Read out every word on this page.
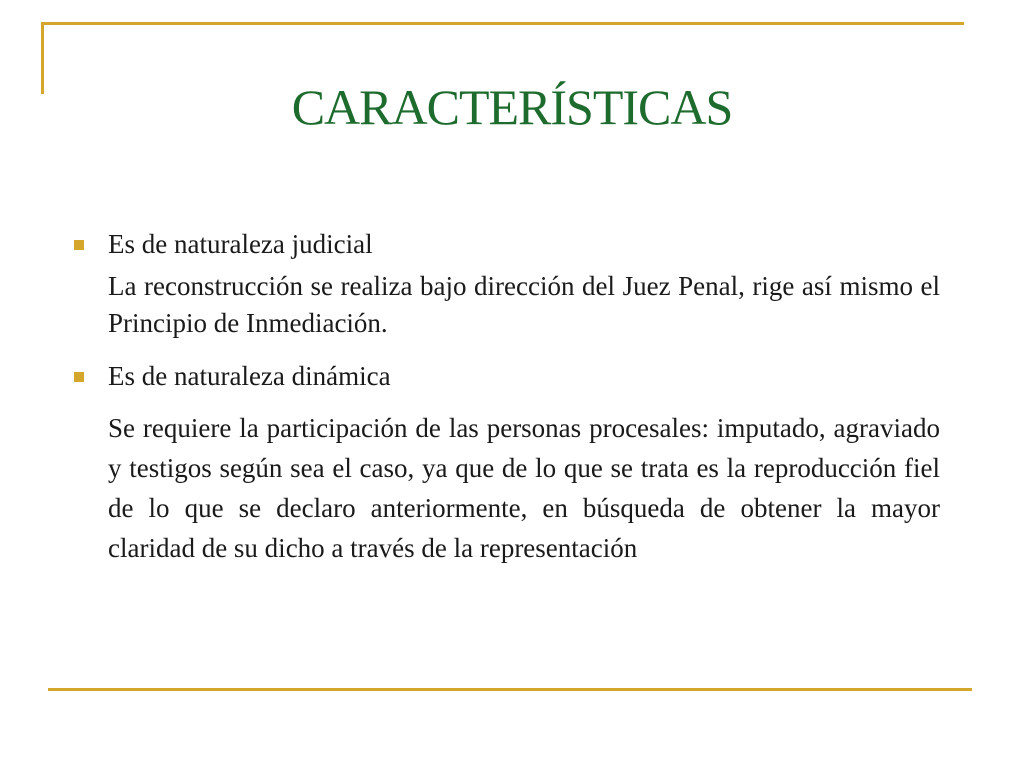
CARACTERÍSTICAS
Es de naturaleza judicial

La reconstrucción se realiza bajo dirección del Juez Penal, rige así mismo el Principio de Inmediación.

Es de naturaleza dinámica

Se requiere la participación de las personas procesales: imputado, agraviado y testigos según sea el caso, ya que de lo que se trata es la reproducción fiel de lo que se declaro anteriormente, en búsqueda de obtener la mayor claridad de su dicho a través de la representación
